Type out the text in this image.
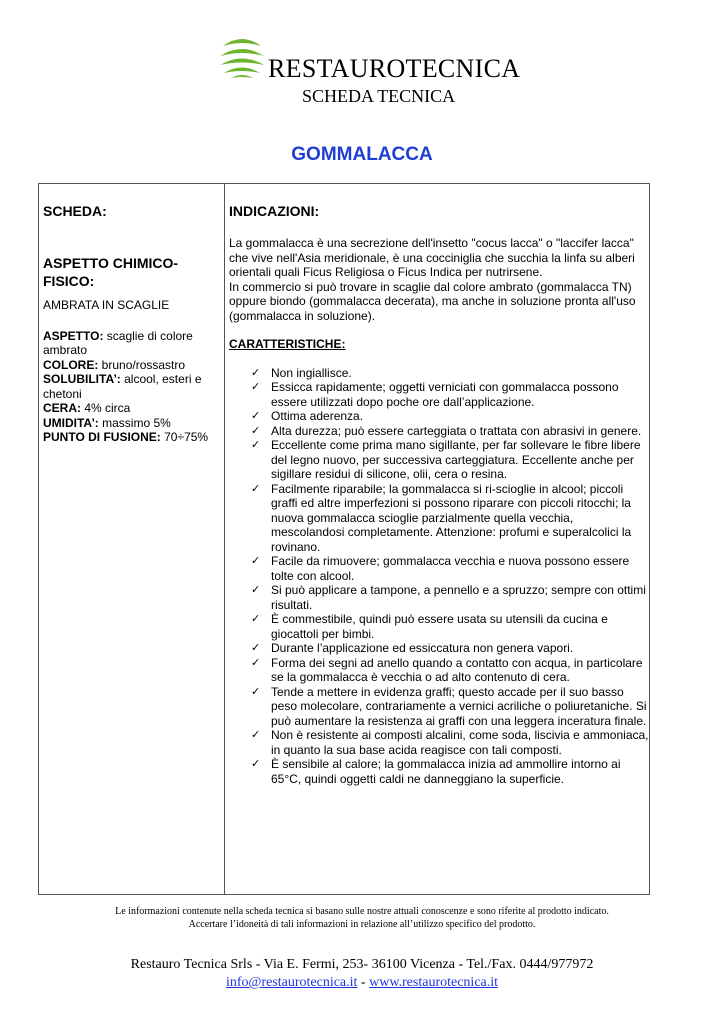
RESTAUROTECNICA
SCHEDA TECNICA
GOMMALACCA

SCHEDA:

ASPETTO CHIMICO-FISICO:

AMBRATA IN SCAGLIE

ASPETTO: scaglie di colore ambrato

COLORE: bruno/rossastro

SOLUBILITA’: alcool, esteri e chetoni

CERA: 4% circa

UMIDITA’: massimo 5%

PUNTO DI FUSIONE: 70÷75%

INDICAZIONI:

La gommalacca è una secrezione dell'insetto "cocus lacca" o "laccifer lacca" che vive nell'Asia meridionale, è una cocciniglia che succhia la linfa su alberi orientali quali Ficus Religiosa o Ficus Indica per nutrirsene.

In commercio si può trovare in scaglie dal colore ambrato (gommalacca TN) oppure biondo (gommalacca decerata), ma anche in soluzione pronta all'uso (gommalacca in soluzione).

CARATTERISTICHE:

✓ Non ingiallisce.
✓ Essicca rapidamente; oggetti verniciati con gommalacca possono essere utilizzati dopo poche ore dall’applicazione.
✓ Ottima aderenza.
✓ Alta durezza; può essere carteggiata o trattata con abrasivi in genere.
✓ Eccellente come prima mano sigillante, per far sollevare le fibre libere del legno nuovo, per successiva carteggiatura. Eccellente anche per sigillare residui di silicone, olii, cera o resina.
✓ Facilmente riparabile; la gommalacca si ri-scioglie in alcool; piccoli graffi ed altre imperfezioni si possono riparare con piccoli ritocchi; la nuova gommalacca scioglie parzialmente quella vecchia, mescolandosi completamente. Attenzione: profumi e superalcolici la rovinano.
✓ Facile da rimuovere; gommalacca vecchia e nuova possono essere tolte con alcool.
✓ Si può applicare a tampone, a pennello e a spruzzo; sempre con ottimi risultati.
✓ È commestibile, quindi può essere usata su utensili da cucina e giocattoli per bimbi.
✓ Durante l’applicazione ed essiccatura non genera vapori.
✓ Forma dei segni ad anello quando a contatto con acqua, in particolare se la gommalacca è vecchia o ad alto contenuto di cera.
✓ Tende a mettere in evidenza graffi; questo accade per il suo basso peso molecolare, contrariamente a vernici acriliche o poliuretaniche. Si può aumentare la resistenza ai graffi con una leggera inceratura finale.
✓ Non è resistente ai composti alcalini, come soda, liscivia e ammoniaca, in quanto la sua base acida reagisce con tali composti.
✓ È sensibile al calore; la gommalacca inizia ad ammollire intorno ai 65°C, quindi oggetti caldi ne danneggiano la superficie.
Le informazioni contenute nella scheda tecnica si basano sulle nostre attuali conoscenze e sono riferite al prodotto indicato.
Accertare l’idoneità di tali informazioni in relazione all’utilizzo specifico del prodotto.
Restauro Tecnica Srls - Via E. Fermi, 253- 36100 Vicenza - Tel./Fax. 0444/977972
info@restaurotecnica.it - www.restaurotecnica.it
